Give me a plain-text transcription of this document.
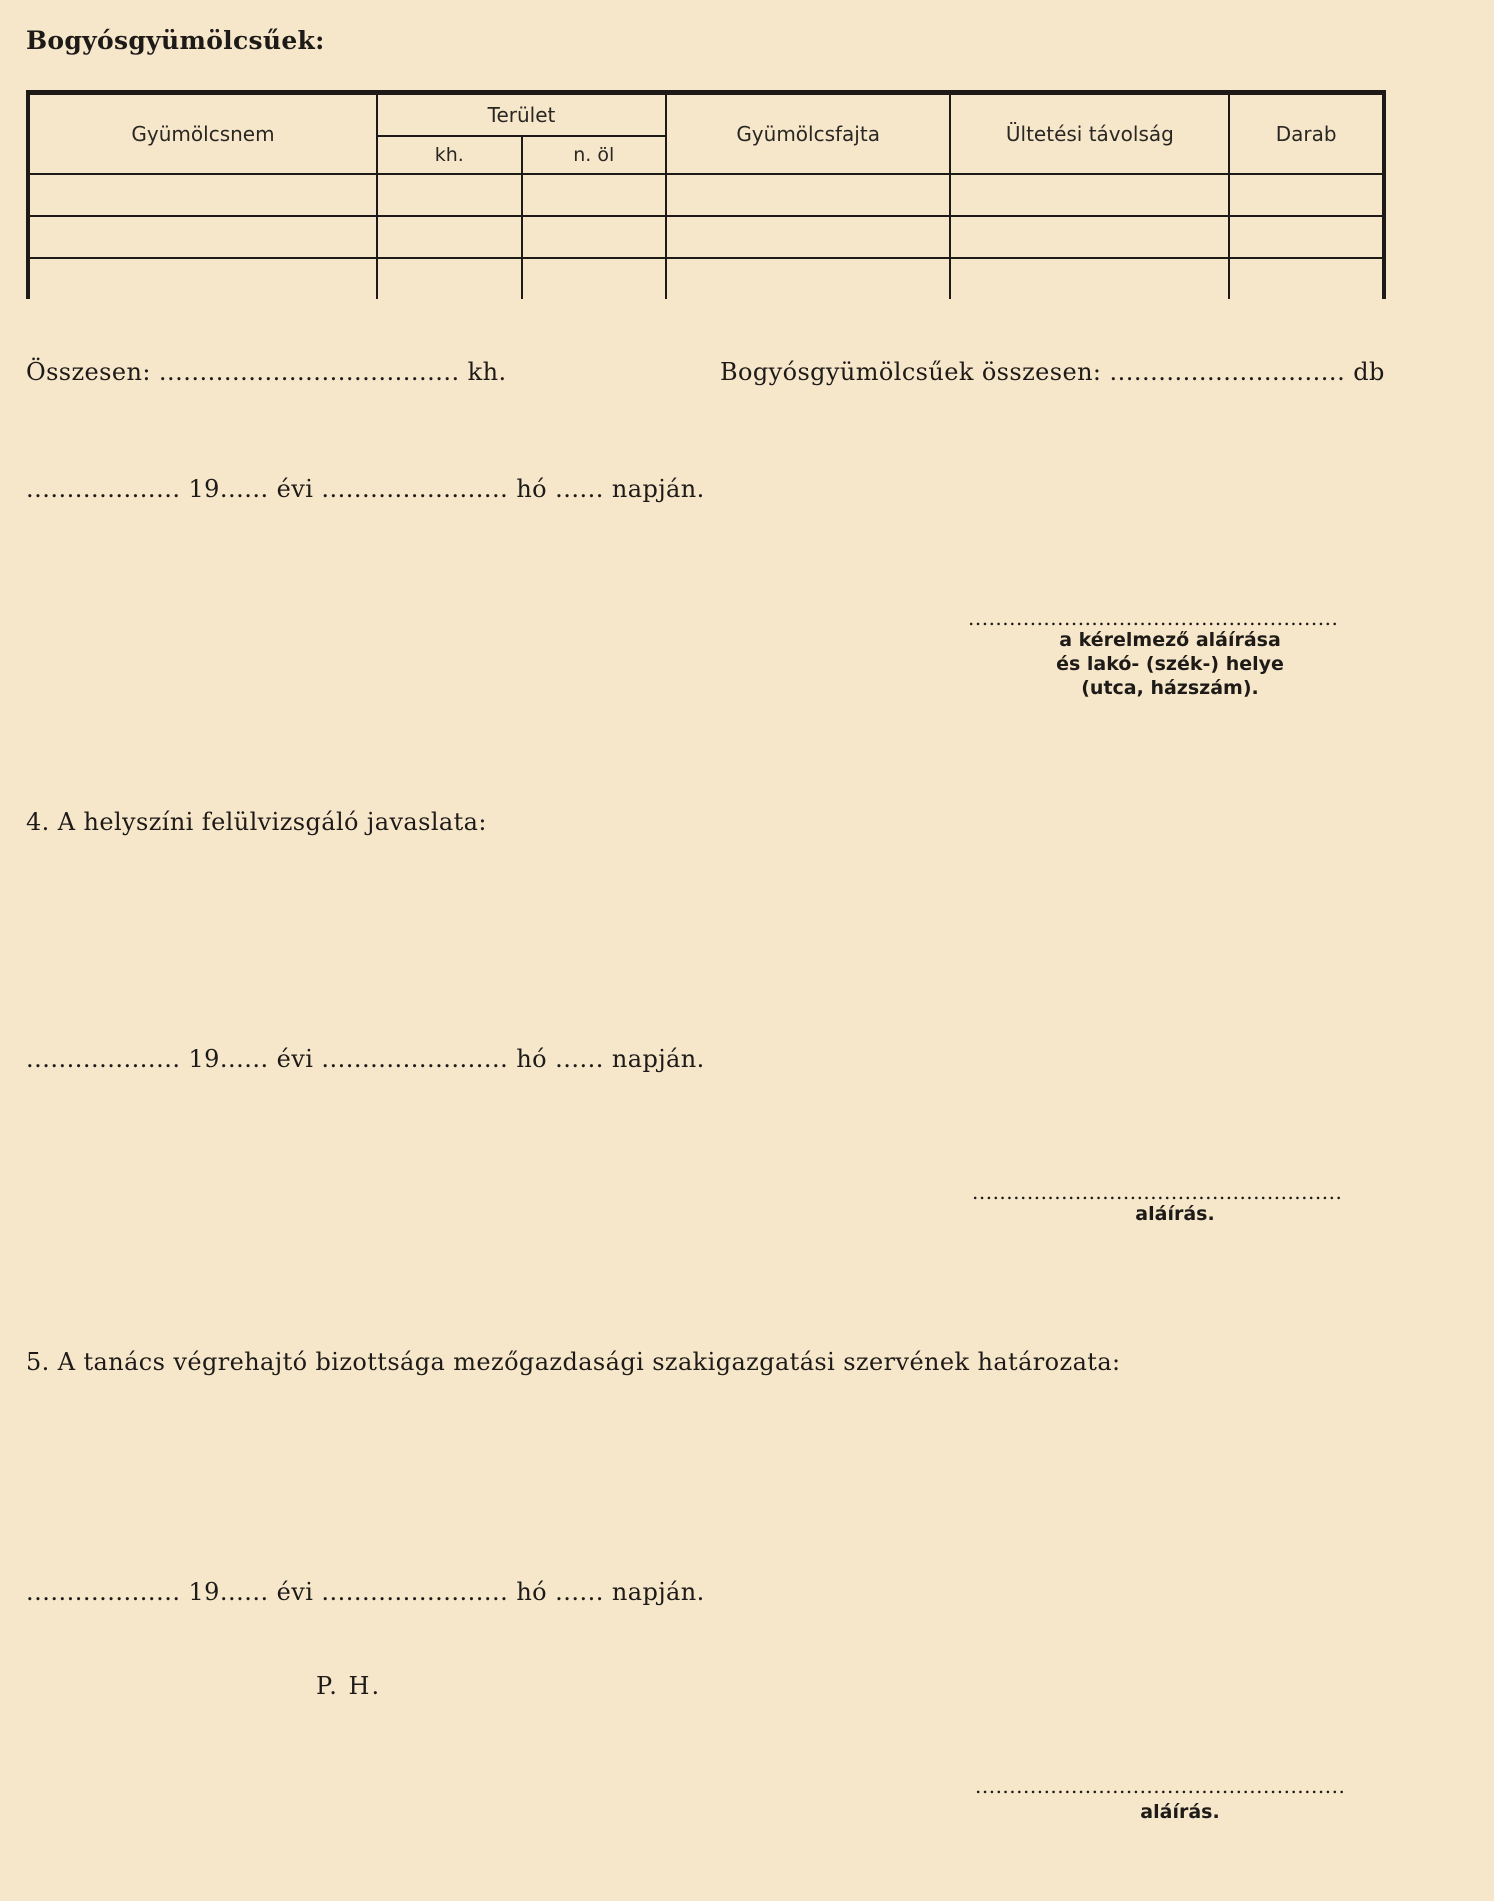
Bogyósgyümölcsűek:
Gyümölcsnem	Terület		Gyümölcsfajta	Ültetési távolság	Darab
	kh.	n. öl			

Összesen: ..................................... kh.	Bogyósgyümölcsűek összesen: ............................. db
................... 19...... évi ....................... hó ...... napján.
......................................................
a kérelmező aláírása
és lakó- (szék-) helye
(utca, házszám).
4. A helyszíni felülvizsgáló javaslata:
................... 19...... évi ....................... hó ...... napján.
......................................................
aláírás.
5. A tanács végrehajtó bizottsága mezőgazdasági szakigazgatási szervének határozata:
................... 19...... évi ....................... hó ...... napján.
P. H.
......................................................
aláírás.
